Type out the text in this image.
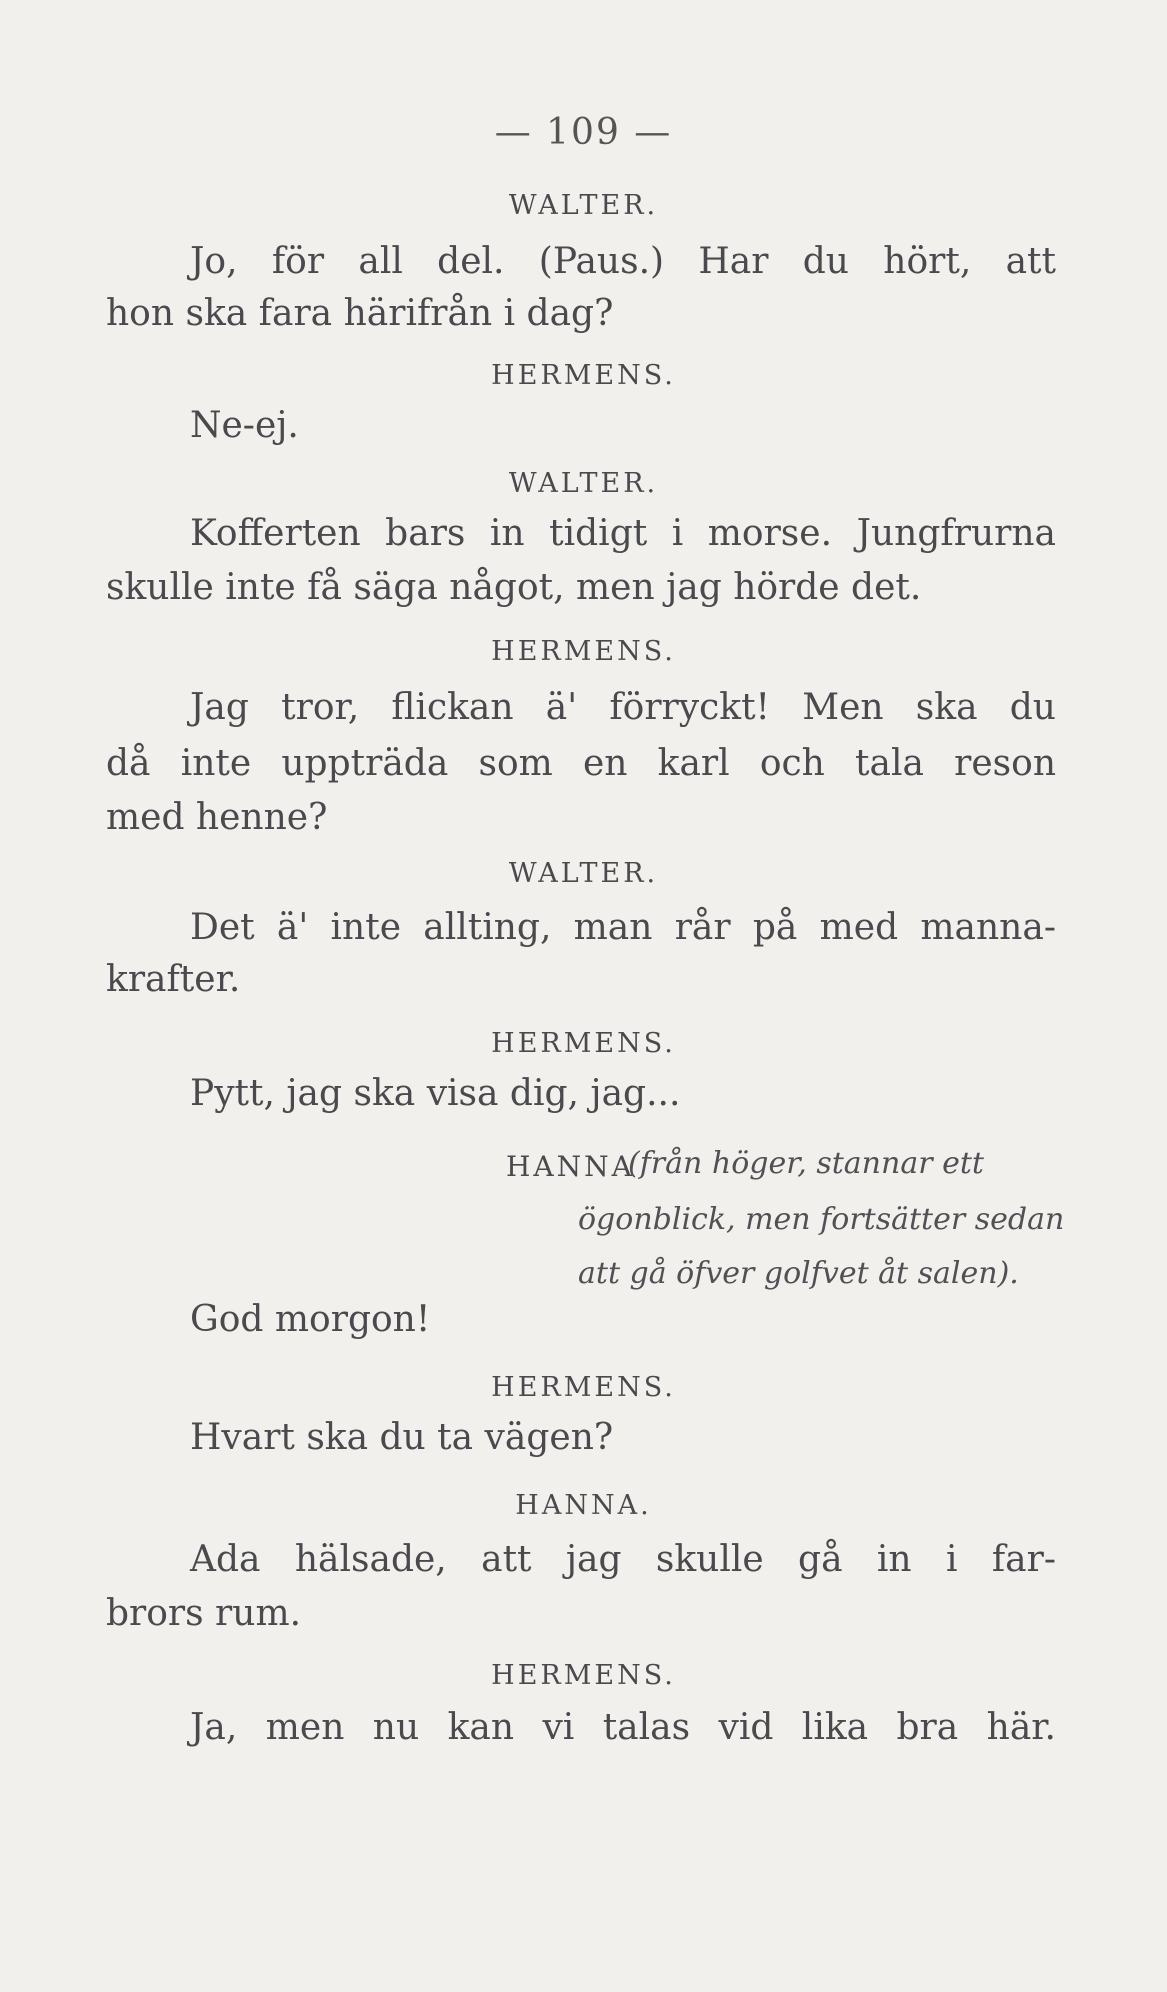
— 109 —
WALTER.
Jo, för all del. (Paus.) Har du hört, att
hon ska fara härifrån i dag?
HERMENS.
Ne-ej.
WALTER.
Kofferten bars in tidigt i morse. Jungfrurna
skulle inte få säga något, men jag hörde det.
HERMENS.
Jag tror, flickan ä' förryckt! Men ska du
då inte uppträda som en karl och tala reson
med henne?
WALTER.
Det ä' inte allting, man rår på med manna-
krafter.
HERMENS.
Pytt, jag ska visa dig, jag...
HANNA
(från höger, stannar ett
ögonblick, men fortsätter sedan
att gå öfver golfvet åt salen).
God morgon!
HERMENS.
Hvart ska du ta vägen?
HANNA.
Ada hälsade, att jag skulle gå in i far-
brors rum.
HERMENS.
Ja, men nu kan vi talas vid lika bra här.
